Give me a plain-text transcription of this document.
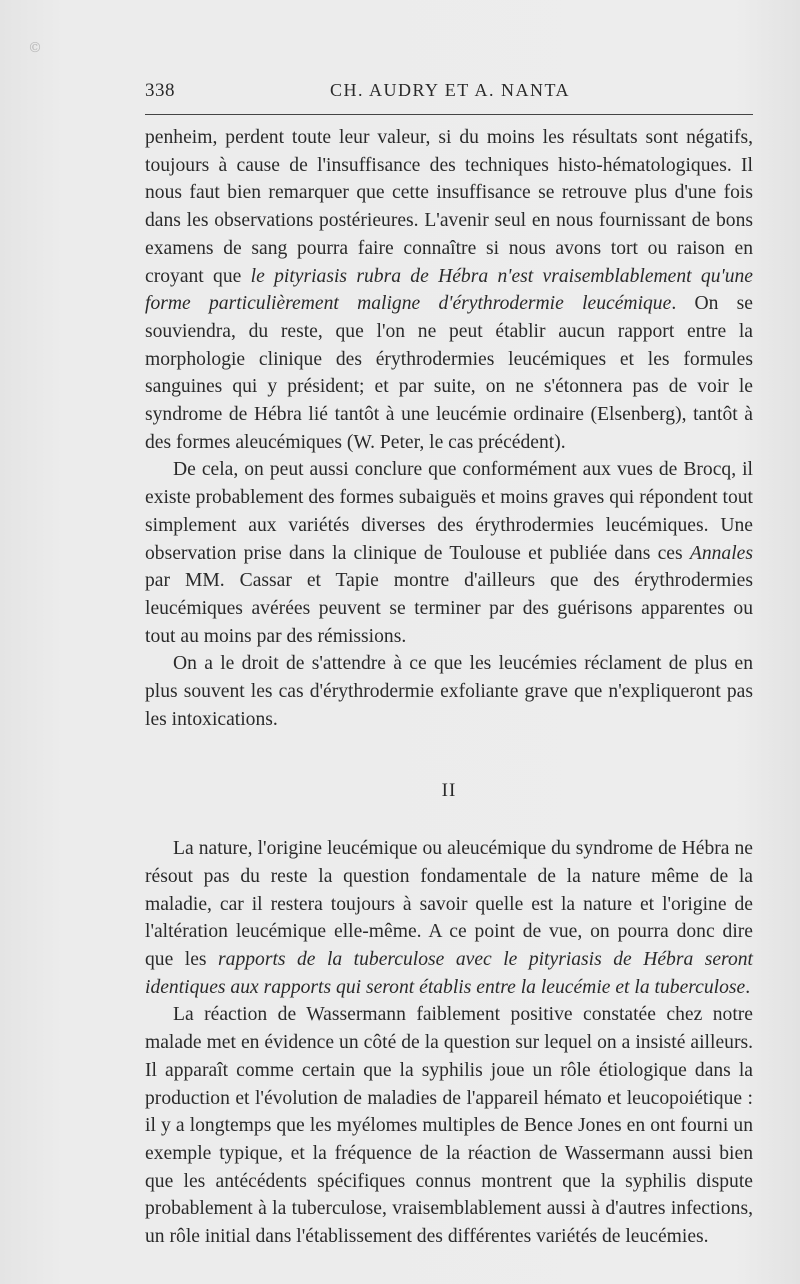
©
338	CH. AUDRY ET A. NANTA

penheim, perdent toute leur valeur, si du moins les résultats sont négatifs, toujours à cause de l'insuffisance des techniques histo-hématologiques. Il nous faut bien remarquer que cette insuffisance se retrouve plus d'une fois dans les observations postérieures. L'avenir seul en nous fournissant de bons examens de sang pourra faire connaître si nous avons tort ou raison en croyant que le pityriasis rubra de Hébra n'est vraisemblablement qu'une forme particulièrement maligne d'érythrodermie leucémique. On se souviendra, du reste, que l'on ne peut établir aucun rapport entre la morphologie clinique des érythrodermies leucémiques et les formules sanguines qui y président; et par suite, on ne s'étonnera pas de voir le syndrome de Hébra lié tantôt à une leucémie ordinaire (Elsenberg), tantôt à des formes aleucémiques (W. Peter, le cas précédent).

De cela, on peut aussi conclure que conformément aux vues de Brocq, il existe probablement des formes subaiguës et moins graves qui répondent tout simplement aux variétés diverses des érythrodermies leucémiques. Une observation prise dans la clinique de Toulouse et publiée dans ces Annales par MM. Cassar et Tapie montre d'ailleurs que des érythrodermies leucémiques avérées peuvent se terminer par des guérisons apparentes ou tout au moins par des rémissions.

On a le droit de s'attendre à ce que les leucémies réclament de plus en plus souvent les cas d'érythrodermie exfoliante grave que n'expliqueront pas les intoxications.

II

La nature, l'origine leucémique ou aleucémique du syndrome de Hébra ne résout pas du reste la question fondamentale de la nature même de la maladie, car il restera toujours à savoir quelle est la nature et l'origine de l'altération leucémique elle-même. A ce point de vue, on pourra donc dire que les rapports de la tuberculose avec le pityriasis de Hébra seront identiques aux rapports qui seront établis entre la leucémie et la tuberculose.

La réaction de Wassermann faiblement positive constatée chez notre malade met en évidence un côté de la question sur lequel on a insisté ailleurs. Il apparaît comme certain que la syphilis joue un rôle étiologique dans la production et l'évolution de maladies de l'appareil hémato et leucopoiétique : il y a longtemps que les myélomes multiples de Bence Jones en ont fourni un exemple typique, et la fréquence de la réaction de Wassermann aussi bien que les antécédents spécifiques connus montrent que la syphilis dispute probablement à la tuberculose, vraisemblablement aussi à d'autres infections, un rôle initial dans l'établissement des différentes variétés de leucémies.
